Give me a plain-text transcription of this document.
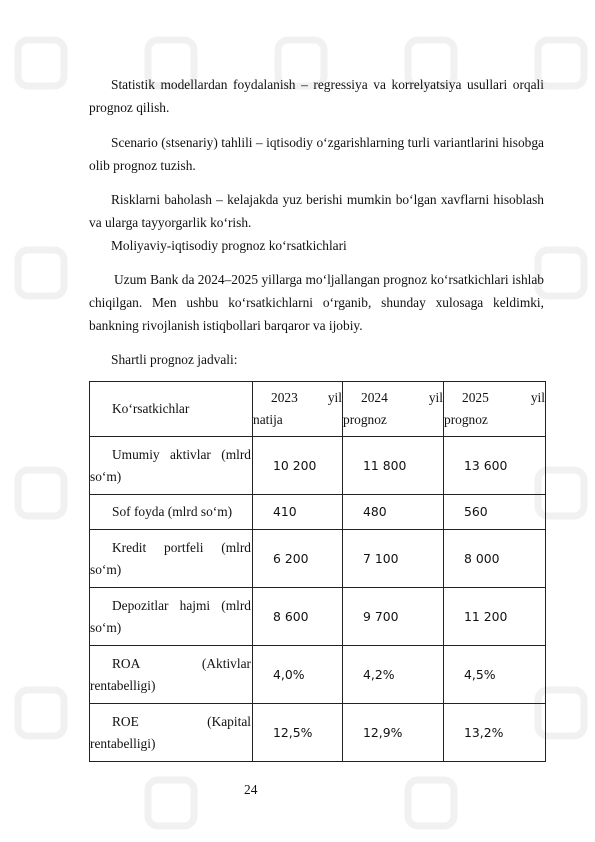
Statistik modellardan foydalanish – regressiya va korrelyatsiya usullari orqali prognoz qilish.

Scenario (stsenariy) tahlili – iqtisodiy o‘zgarishlarning turli variantlarini hisobga olib prognoz tuzish.

Risklarni baholash – kelajakda yuz berishi mumkin bo‘lgan xavflarni hisoblash va ularga tayyorgarlik ko‘rish.

Moliyaviy-iqtisodiy prognoz ko‘rsatkichlari

Uzum Bank da 2024–2025 yillarga mo‘ljallangan prognoz ko‘rsatkichlari ishlab chiqilgan. Men ushbu ko‘rsatkichlarni o‘rganib, shunday xulosaga keldimki, bankning rivojlanish istiqbollari barqaror va ijobiy.

Shartli prognoz jadvali:

Ko‘rsatkichlar	2023 yil natija	2024 yil prognoz	2025 yil prognoz
Umumiy aktivlar (mlrd so‘m)	10 200	11 800	13 600
Sof foyda (mlrd so‘m)	410	480	560
Kredit portfeli (mlrd so‘m)	6 200	7 100	8 000
Depozitlar hajmi (mlrd so‘m)	8 600	9 700	11 200
ROA (Aktivlar rentabelligi)	4,0%	4,2%	4,5%
ROE (Kapital rentabelligi)	12,5%	12,9%	13,2%
24
